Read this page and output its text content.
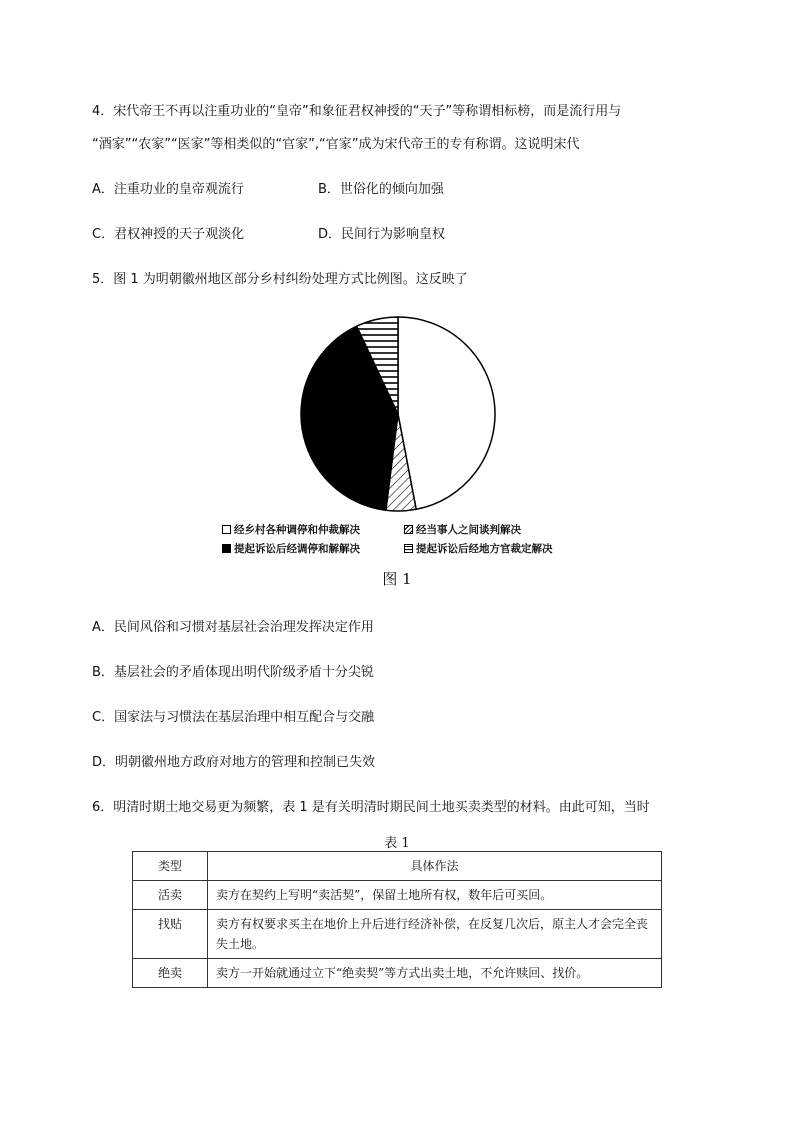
4．宋代帝王不再以注重功业的“皇帝”和象征君权神授的“天子”等称谓相标榜，而是流行用与
“酒家”“农家”“医家”等相类似的“官家”,“官家”成为宋代帝王的专有称谓。这说明宋代
A．注重功业的皇帝观流行	B．世俗化的倾向加强
C．君权神授的天子观淡化	D．民间行为影响皇权
5．图 1 为明朝徽州地区部分乡村纠纷处理方式比例图。这反映了
经乡村各种调停和仲裁解决	经当事人之间谈判解决
提起诉讼后经调停和解解决	提起诉讼后经地方官裁定解决
图 1
A．民间风俗和习惯对基层社会治理发挥决定作用
B．基层社会的矛盾体现出明代阶级矛盾十分尖锐
C．国家法与习惯法在基层治理中相互配合与交融
D．明朝徽州地方政府对地方的管理和控制已失效
6．明清时期土地交易更为频繁，表 1 是有关明清时期民间土地买卖类型的材料。由此可知，当时
表 1
类型	具体作法
活卖	卖方在契约上写明“卖活契”，保留土地所有权，数年后可买回。
找贴	卖方有权要求买主在地价上升后进行经济补偿，在反复几次后，原主人才会完全丧失土地。
绝卖	卖方一开始就通过立下“绝卖契”等方式出卖土地，不允许赎回、找价。
